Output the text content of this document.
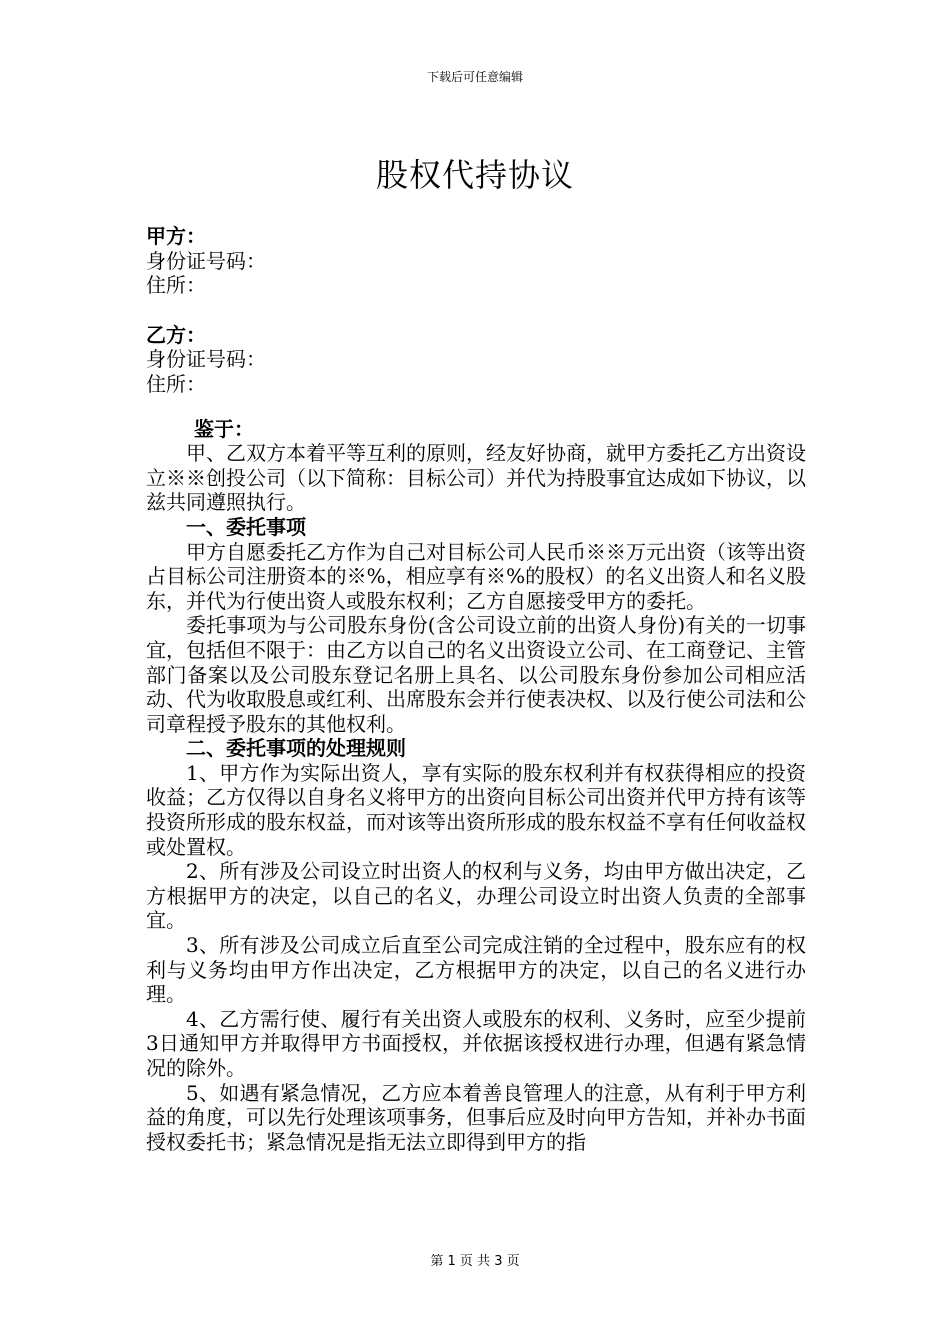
下载后可任意编辑
股权代持协议
甲方：
身份证号码：
住所：
乙方：
身份证号码：
住所：
鉴于：

甲、乙双方本着平等互利的原则，经友好协商，就甲方委托乙方出资设立※※创投公司（以下简称：目标公司）并代为持股事宜达成如下协议，以兹共同遵照执行。

一、委托事项

甲方自愿委托乙方作为自己对目标公司人民币※※万元出资（该等出资占目标公司注册资本的※%，相应享有※%的股权）的名义出资人和名义股东，并代为行使出资人或股东权利；乙方自愿接受甲方的委托。

委托事项为与公司股东身份(含公司设立前的出资人身份)有关的一切事宜，包括但不限于：由乙方以自己的名义出资设立公司、在工商登记、主管部门备案以及公司股东登记名册上具名、以公司股东身份参加公司相应活动、代为收取股息或红利、出席股东会并行使表决权、以及行使公司法和公司章程授予股东的其他权利。

二、委托事项的处理规则

1、甲方作为实际出资人，享有实际的股东权利并有权获得相应的投资收益；乙方仅得以自身名义将甲方的出资向目标公司出资并代甲方持有该等投资所形成的股东权益，而对该等出资所形成的股东权益不享有任何收益权或处置权。

2、所有涉及公司设立时出资人的权利与义务，均由甲方做出决定，乙方根据甲方的决定，以自己的名义，办理公司设立时出资人负责的全部事宜。

3、所有涉及公司成立后直至公司完成注销的全过程中，股东应有的权利与义务均由甲方作出决定，乙方根据甲方的决定，以自己的名义进行办理。

4、乙方需行使、履行有关出资人或股东的权利、义务时，应至少提前3日通知甲方并取得甲方书面授权，并依据该授权进行办理，但遇有紧急情况的除外。

5、如遇有紧急情况，乙方应本着善良管理人的注意，从有利于甲方利益的角度，可以先行处理该项事务，但事后应及时向甲方告知，并补办书面授权委托书；紧急情况是指无法立即得到甲方的指

第 1 页 共 3 页
